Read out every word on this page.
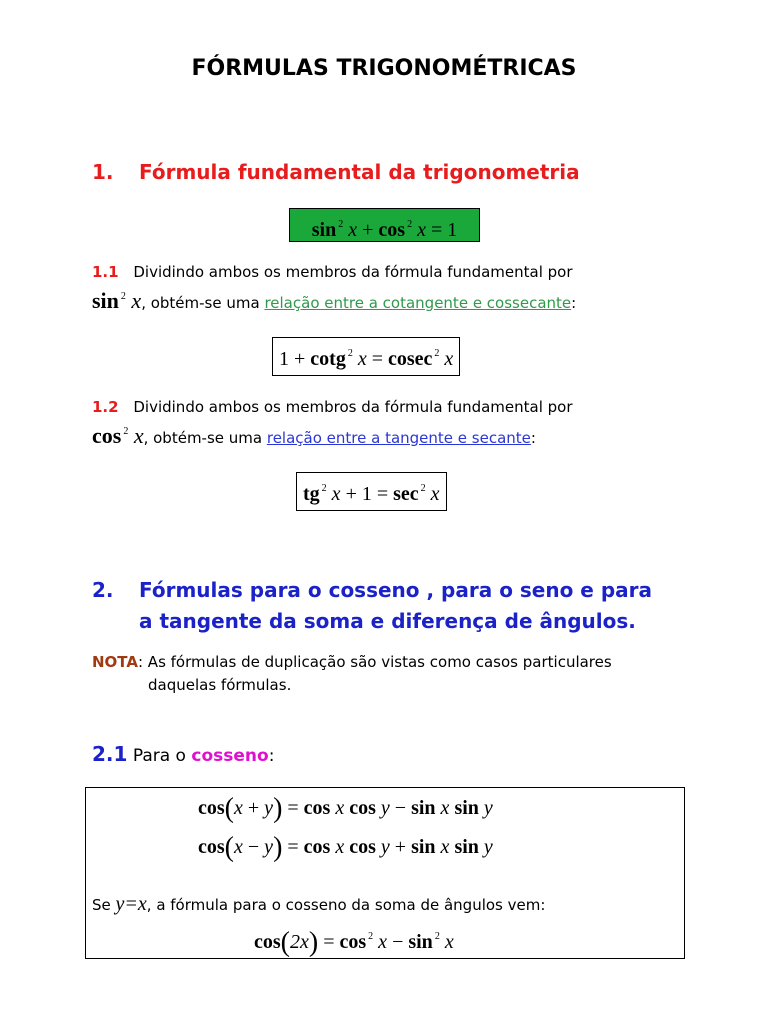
FÓRMULAS TRIGONOMÉTRICAS
1. Fórmula fundamental da trigonometria
sin $^2$ x + cos $^2$ x = 1
1.1 Dividindo ambos os membros da fórmula fundamental por
sin $^2$ x, obtém-se uma relação entre a cotangente e cossecante:
1 + cotg $^2$ x = cosec $^2$ x
1.2 Dividindo ambos os membros da fórmula fundamental por
cos $^2$ x, obtém-se uma relação entre a tangente e secante:
tg $^2$ x + 1 = sec $^2$ x
2. Fórmulas para o cosseno , para o seno e para
a tangente da soma e diferença de ângulos.
NOTA: As fórmulas de duplicação são vistas como casos particulares
daquelas fórmulas.
2.1 Para o cosseno:
cos(x + y) = cos x cos y − sin x sin y
cos(x − y) = cos x cos y + sin x sin y
Se y=x, a fórmula para o cosseno da soma de ângulos vem:
cos(2x) = cos $^2$ x − sin $^2$ x
